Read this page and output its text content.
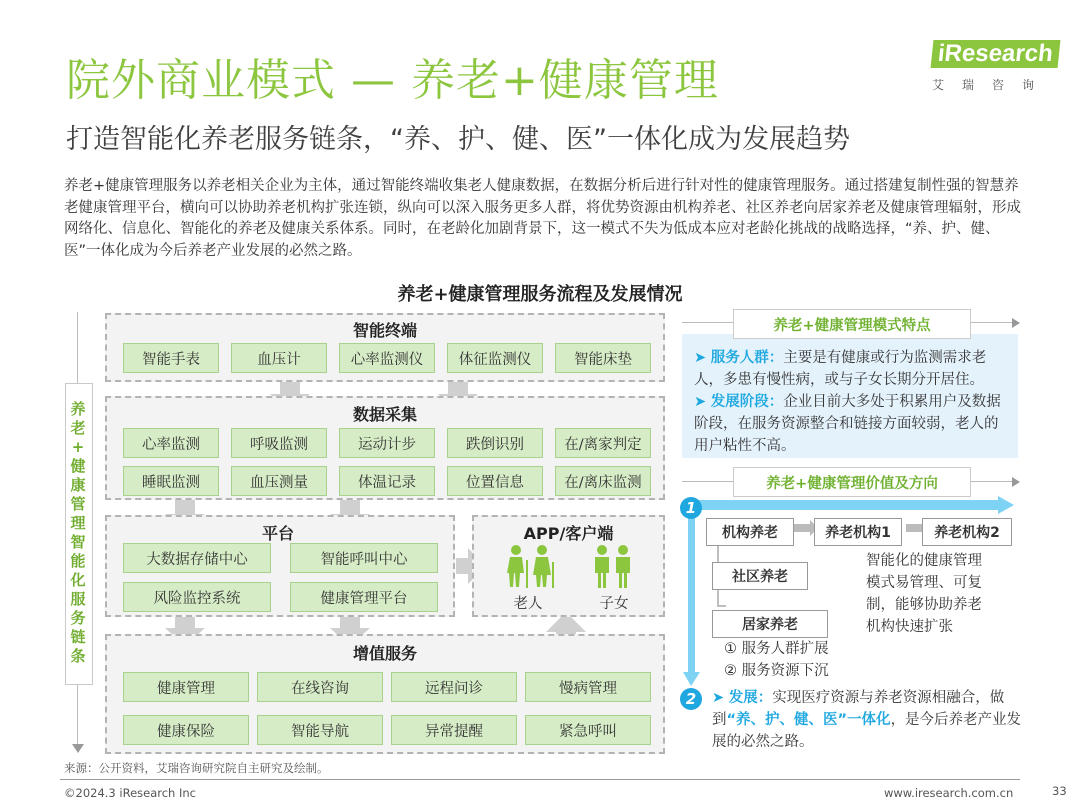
院外商业模式 — 养老+健康管理
打造智能化养老服务链条，“养、护、健、医”一体化成为发展趋势
iResearch
艾瑞咨询
养老+健康管理服务以养老相关企业为主体，通过智能终端收集老人健康数据，在数据分析后进行针对性的健康管理服务。通过搭建复制性强的智慧养老健康管理平台，横向可以协助养老机构扩张连锁，纵向可以深入服务更多人群，将优势资源由机构养老、社区养老向居家养老及健康管理辐射，形成网络化、信息化、智能化的养老及健康关系体系。同时，在老龄化加剧背景下，这一模式不失为低成本应对老龄化挑战的战略选择，“养、护、健、医”一体化成为今后养老产业发展的必然之路。
养老+健康管理服务流程及发展情况
养
老
+
健
康
管
理
智
能
化
服
务
链
条
智能终端
智能手表	血压计	心率监测仪	体征监测仪	智能床垫
数据采集
心率监测	呼吸监测	运动计步	跌倒识别	在/离家判定
睡眠监测	血压测量	体温记录	位置信息	在/离床监测
平台
大数据存储中心	智能呼叫中心
风险监控系统	健康管理平台
APP/客户端
老人	子女
增值服务
健康管理	在线咨询	远程问诊	慢病管理
健康保险	智能导航	异常提醒	紧急呼叫
养老+健康管理模式特点
➤ 服务人群：主要是有健康或行为监测需求老人，多患有慢性病，或与子女长期分开居住。
➤ 发展阶段：企业目前大多处于积累用户及数据阶段，在服务资源整合和链接方面较弱，老人的用户粘性不高。
养老+健康管理价值及方向
1
2
机构养老	养老机构1	养老机构2
社区养老
居家养老
智能化的健康管理模式易管理、可复制，能够协助养老机构快速扩张
① 服务人群扩展
② 服务资源下沉
➤ 发展：实现医疗资源与养老资源相融合，做到“养、护、健、医”一体化，是今后养老产业发展的必然之路。
来源：公开资料，艾瑞咨询研究院自主研究及绘制。
©2024.3 iResearch Inc	www.iresearch.com.cn	33
